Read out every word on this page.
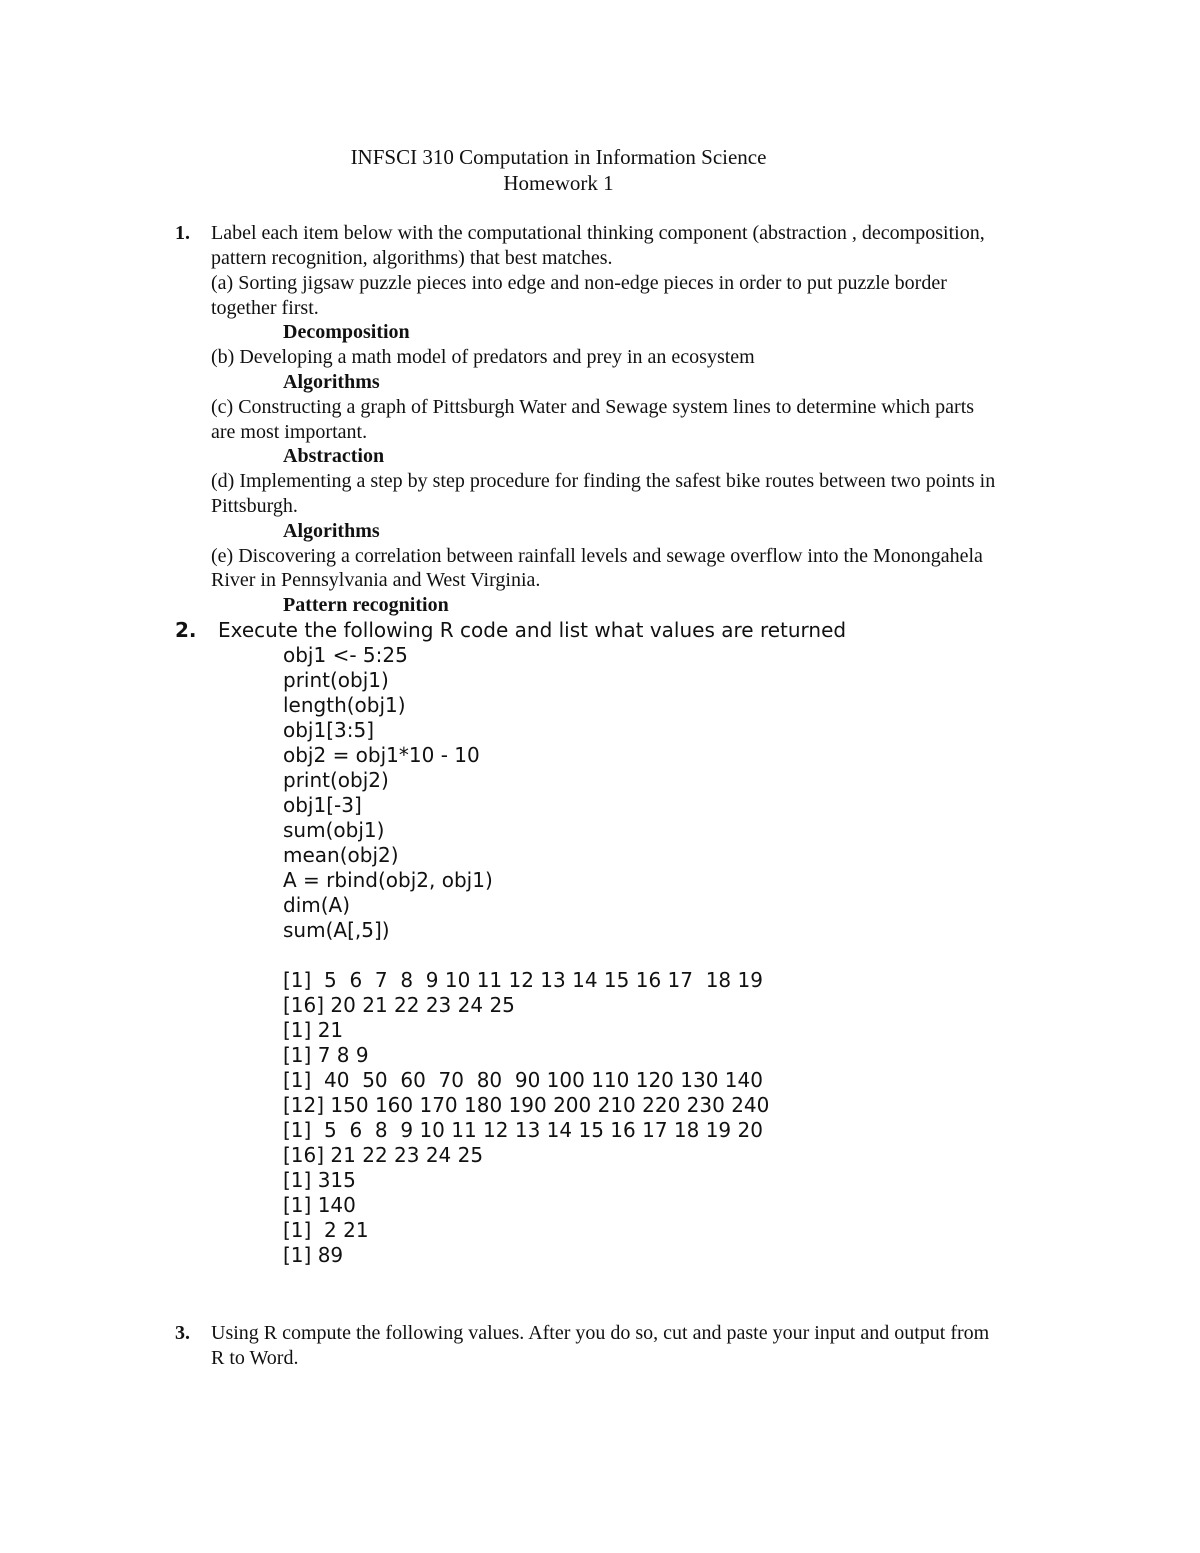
INFSCI 310 Computation in Information Science
Homework 1
1. Label each item below with the computational thinking component (abstraction , decomposition,
pattern recognition, algorithms) that best matches.
(a) Sorting jigsaw puzzle pieces into edge and non-edge pieces in order to put puzzle border
together first.
Decomposition
(b) Developing a math model of predators and prey in an ecosystem
Algorithms
(c) Constructing a graph of Pittsburgh Water and Sewage system lines to determine which parts
are most important.
Abstraction
(d) Implementing a step by step procedure for finding the safest bike routes between two points in
Pittsburgh.
Algorithms
(e) Discovering a correlation between rainfall levels and sewage overflow into the Monongahela
River in Pennsylvania and West Virginia.
Pattern recognition
2. Execute the following R code and list what values are returned
obj1 <- 5:25
print(obj1)
length(obj1)
obj1[3:5]
obj2 = obj1*10 - 10
print(obj2)
obj1[-3]
sum(obj1)
mean(obj2)
A = rbind(obj2, obj1)
dim(A)
sum(A[,5])
[1]  5  6  7  8  9 10 11 12 13 14 15 16 17  18 19
[16] 20 21 22 23 24 25
[1] 21
[1] 7 8 9
[1]  40  50  60  70  80  90 100 110 120 130 140
[12] 150 160 170 180 190 200 210 220 230 240
[1]  5  6  8  9 10 11 12 13 14 15 16 17 18 19 20
[16] 21 22 23 24 25
[1] 315
[1] 140
[1]  2 21
[1] 89
3. Using R compute the following values. After you do so, cut and paste your input and output from
R to Word.
